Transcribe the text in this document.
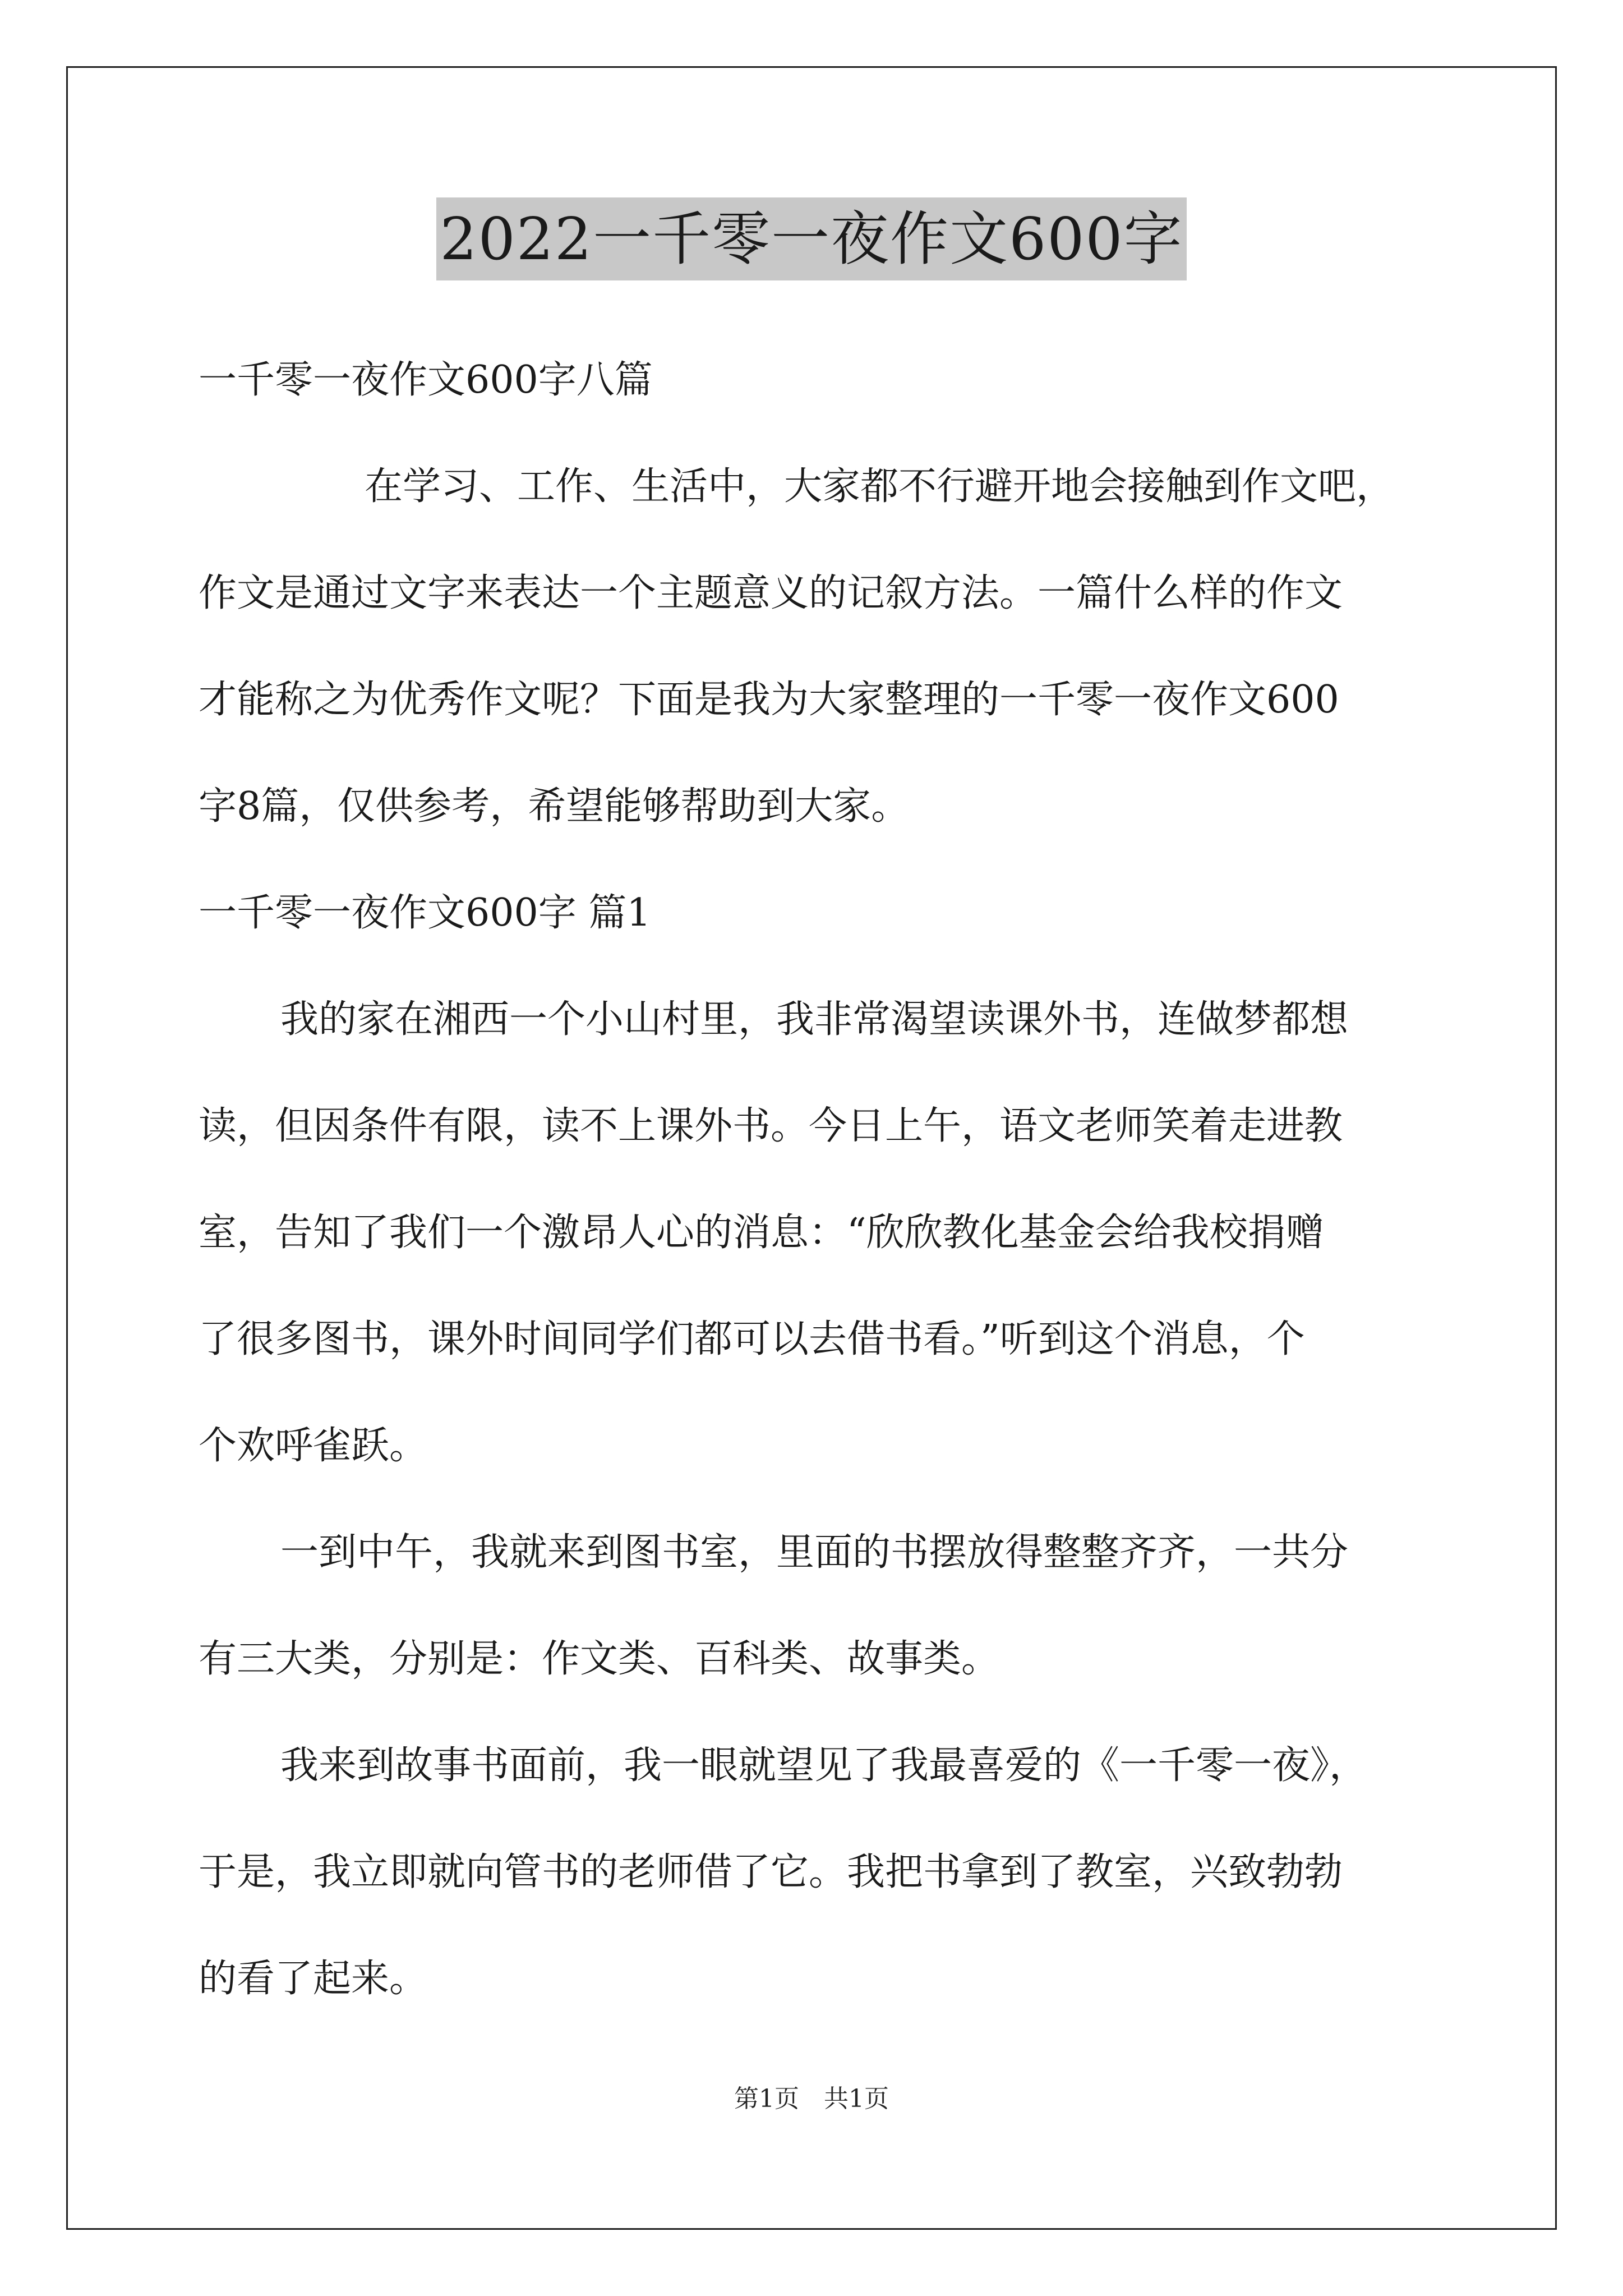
2022一千零一夜作文600字
一千零一夜作文600字八篇
在学习、工作、生活中，大家都不行避开地会接触到作文吧，
作文是通过文字来表达一个主题意义的记叙方法。一篇什么样的作文
才能称之为优秀作文呢？下面是我为大家整理的一千零一夜作文600
字8篇，仅供参考，希望能够帮助到大家。
一千零一夜作文600字 篇1
我的家在湘西一个小山村里，我非常渴望读课外书，连做梦都想
读，但因条件有限，读不上课外书。今日上午，语文老师笑着走进教
室，告知了我们一个激昂人心的消息：“欣欣教化基金会给我校捐赠
了很多图书，课外时间同学们都可以去借书看。”听到这个消息，个
个欢呼雀跃。
一到中午，我就来到图书室，里面的书摆放得整整齐齐，一共分
有三大类，分别是：作文类、百科类、故事类。
我来到故事书面前，我一眼就望见了我最喜爱的《一千零一夜》，
于是，我立即就向管书的老师借了它。我把书拿到了教室，兴致勃勃
的看了起来。
第1页　共1页
